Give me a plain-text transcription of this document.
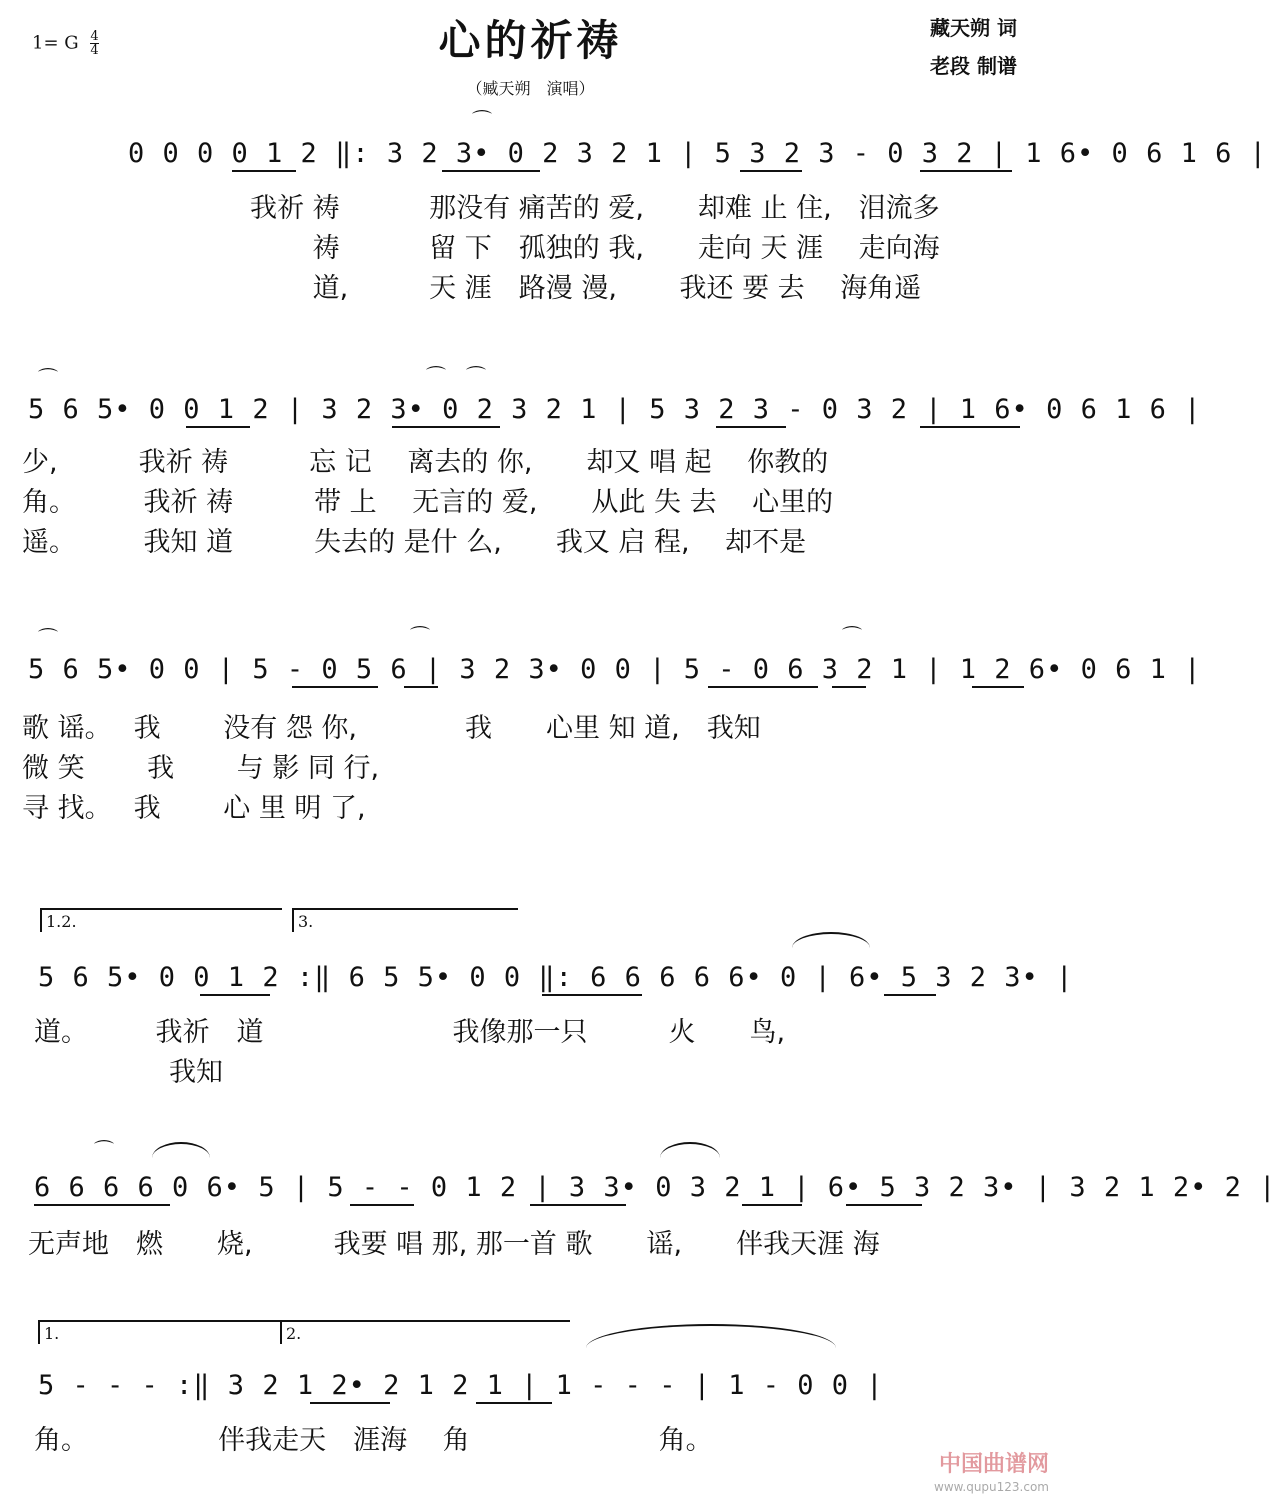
1= G $\frac{4}{4}$	心的祈祷	藏天朔 词
老段 制谱
（臧天朔　演唱）
⌒
0 0 0 0 1 2 ‖: 3 2 3• 0 2 3 2 1 | 5 3 2 3 - 0 3 2 | 1 6• 0 6 1 6 |
我祈 祷　　　 那没有 痛苦的 爱,　　却难 止 住,　泪流多
　　 祷　　　 留 下　孤独的 我,　　走向 天 涯　 走向海
　　 道,　　　天 涯　路漫 漫,　　 我还 要 去　 海角遥
⌒	⌒ ⌒
5 6 5• 0 0 1 2 | 3 2 3• 0 2 3 2 1 | 5 3 2 3 - 0 3 2 | 1 6• 0 6 1 6 |
少,　　　我祈 祷　　　忘 记　 离去的 你,　　却又 唱 起　 你教的
角。　　　我祈 祷　　　带 上　 无言的 爱,　　从此 失 去　 心里的
遥。　　　我知 道　　　失去的 是什 么,　　我又 启 程,　 却不是
⌒	⌒	⌒
5 6 5• 0 0 | 5 - 0 5 6 | 3 2 3• 0 0 | 5 - 0 6 3 2 1 | 1 2 6• 0 6 1 |
歌 谣。　 我　　 没有 怨 你,　　　　我　　心里 知 道,　我知
微 笑　　 我　　 与 影 同 行,
寻 找。　 我　　 心 里 明 了,
1.2.	3.
5 6 5• 0 0 1 2 :‖ 6 5 5• 0 0 ‖: 6 6 6 6 6• 0 | 6• 5 3 2 3• |
道。　　　我祈　道　　　　　　　我像那一只　　　火　　鸟,
　　　　　我知
⌒
6 6 6 6 0 6• 5 | 5 - - 0 1 2 | 3 3• 0 3 2 1 | 6• 5 3 2 3• | 3 2 1 2• 2 |
无声地　燃　　烧,　　　我要 唱 那, 那一首 歌　　谣,　　伴我天涯 海
1.	2.
5 - - - :‖ 3 2 1 2• 2 1 2 1 | 1 - - - | 1 - 0 0 |
角。　　　　　 伴我走天　涯海　 角　　　　　　　角。
中国曲谱网
www.qupu123.com
